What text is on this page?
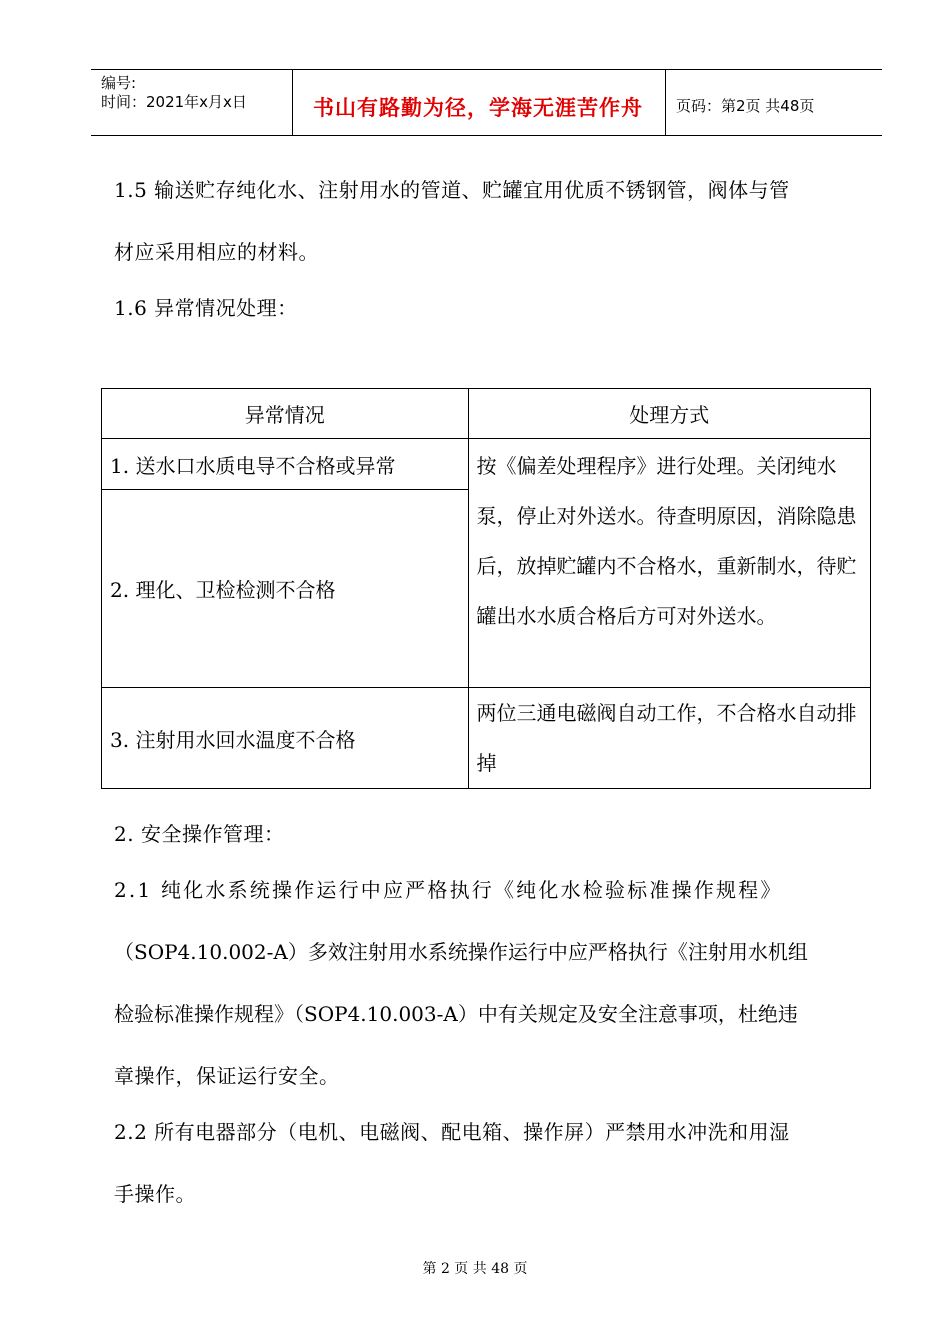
编号:
时间：2021年x月x日	书山有路勤为径，学海无涯苦作舟 页码：第2页 共48页
1.5 输送贮存纯化水、注射用水的管道、贮罐宜用优质不锈钢管，阀体与管
材应采用相应的材料。
1.6 异常情况处理：
异常情况	处理方式
1. 送水口水质电导不合格或异常	按《偏差处理程序》进行处理。关闭纯水泵，停止对外送水。待查明原因，消除隐患后，放掉贮罐内不合格水，重新制水，待贮罐出水水质合格后方可对外送水。
2. 理化、卫检检测不合格	
3. 注射用水回水温度不合格	两位三通电磁阀自动工作，不合格水自动排掉
2. 安全操作管理：
2.1 纯化水系统操作运行中应严格执行《纯化水检验标准操作规程》
（SOP4.10.002-A）多效注射用水系统操作运行中应严格执行《注射用水机组
检验标准操作规程》（SOP4.10.003-A）中有关规定及安全注意事项，杜绝违
章操作，保证运行安全。
2.2 所有电器部分（电机、电磁阀、配电箱、操作屏）严禁用水冲洗和用湿
手操作。
第 2 页 共 48 页
